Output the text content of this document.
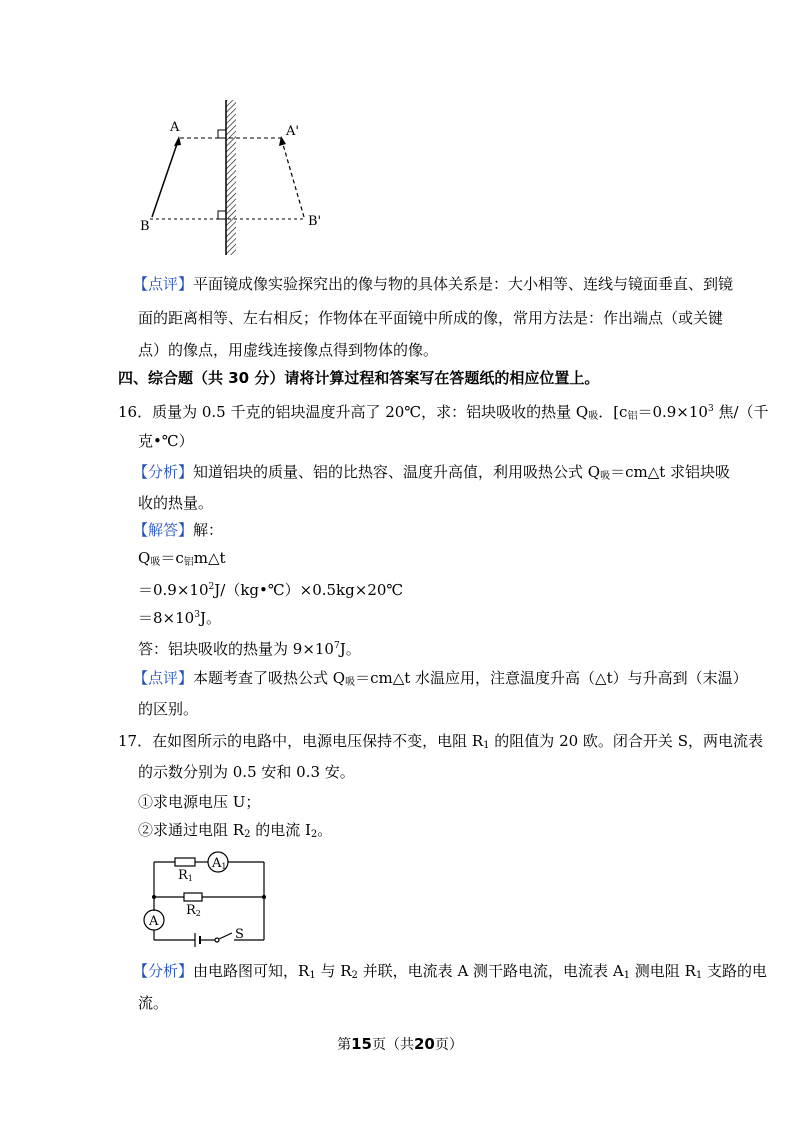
A	A'
B	B'
【点评】平面镜成像实验探究出的像与物的具体关系是：大小相等、连线与镜面垂直、到镜
面的距离相等、左右相反；作物体在平面镜中所成的像，常用方法是：作出端点（或关键
点）的像点，用虚线连接像点得到物体的像。
四、综合题（共 30 分）请将计算过程和答案写在答题纸的相应位置上。
16．质量为 0.5 千克的铝块温度升高了 20℃，求：铝块吸收的热量 $Q_吸$．[$c_铝=0.9\times 10^3$ 焦/（千
克•℃）
【分析】知道铝块的质量、铝的比热容、温度升高值，利用吸热公式 $Q_吸=cm\triangle t$ 求铝块吸
收的热量。
【解答】解：
$Q_吸=c_铝m\triangle t$
$=0.9\times 10^2J/(kg•℃)\times 0.5kg\times 20℃$
$=8\times 10^3J$。
答：铝块吸收的热量为 $9\times 10^7J$。
【点评】本题考查了吸热公式 $Q_吸=cm\triangle t$ 水温应用，注意温度升高（△t）与升高到（末温）
的区别。
17．在如图所示的电路中，电源电压保持不变，电阻 $R_1$ 的阻值为 20 欧。闭合开关 S，两电流表
的示数分别为 0.5 安和 0.3 安。
①求电源电压 U；
②求通过电阻 $R_2$ 的电流 $I_2$。
A1
R1
R2
A
S
【分析】由电路图可知，$R_1$ 与 $R_2$ 并联，电流表 A 测干路电流，电流表 $A_1$ 测电阻 $R_1$ 支路的电
流。
第15页（共20页）
